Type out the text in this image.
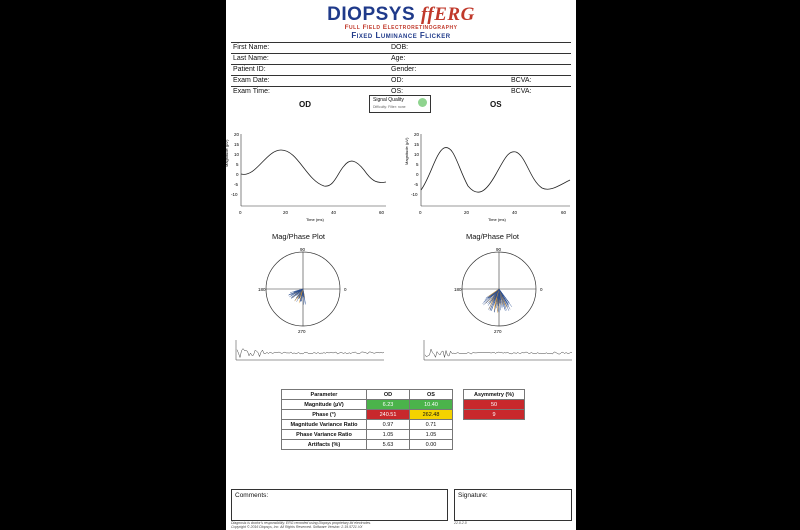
DIOPSYS ffERG
Full Field Electroretinography
Fixed Luminance Flicker
First Name:	DOB:
Last Name:	Age:
Patient ID:	Gender:
Exam Date:	OD:	BCVA:
Exam Time:	OS:	BCVA:
OD	OS
Signal Quality
Difficulty: Filter: none
20
15
10
5
0
-5
-10
Magnitude (µV)
0	20	40	60
Time (ms)
20
15
10
5
0
-5
-10
Magnitude (µV)
0	20	40	60
Time (ms)
Mag/Phase Plot	Mag/Phase Plot
90
180	0
270
90
180	0
270
Parameter	OD	OS		Asymmetry (%)
Magnitude (µV)	6.23	10.40		50
Phase (°)	240.51	262.48		9
Magnitude Variance Ratio	0.97	0.71		
Phase Variance Ratio	1.05	1.05		
Artifacts (%)	5.63	0.00		
Comments:	Signature:
Diagnosis is doctor's responsibility. ERG recorded using Diopsys proprietary lid electrodes.
Copyright © 2016 Diopsys, Inc. All Rights Reserved. Software Version: 2.19.5721.VX
22.0.2.0
